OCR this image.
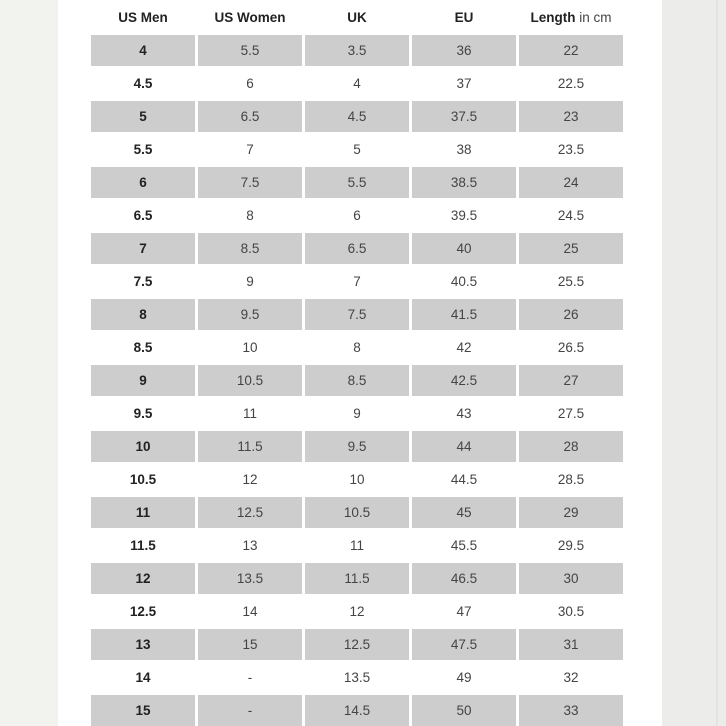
US Men	US Women	UK	EU	Length in cm
4	5.5	3.5	36	22
4.5	6	4	37	22.5
5	6.5	4.5	37.5	23
5.5	7	5	38	23.5
6	7.5	5.5	38.5	24
6.5	8	6	39.5	24.5
7	8.5	6.5	40	25
7.5	9	7	40.5	25.5
8	9.5	7.5	41.5	26
8.5	10	8	42	26.5
9	10.5	8.5	42.5	27
9.5	11	9	43	27.5
10	11.5	9.5	44	28
10.5	12	10	44.5	28.5
11	12.5	10.5	45	29
11.5	13	11	45.5	29.5
12	13.5	11.5	46.5	30
12.5	14	12	47	30.5
13	15	12.5	47.5	31
14	-	13.5	49	32
15	-	14.5	50	33
